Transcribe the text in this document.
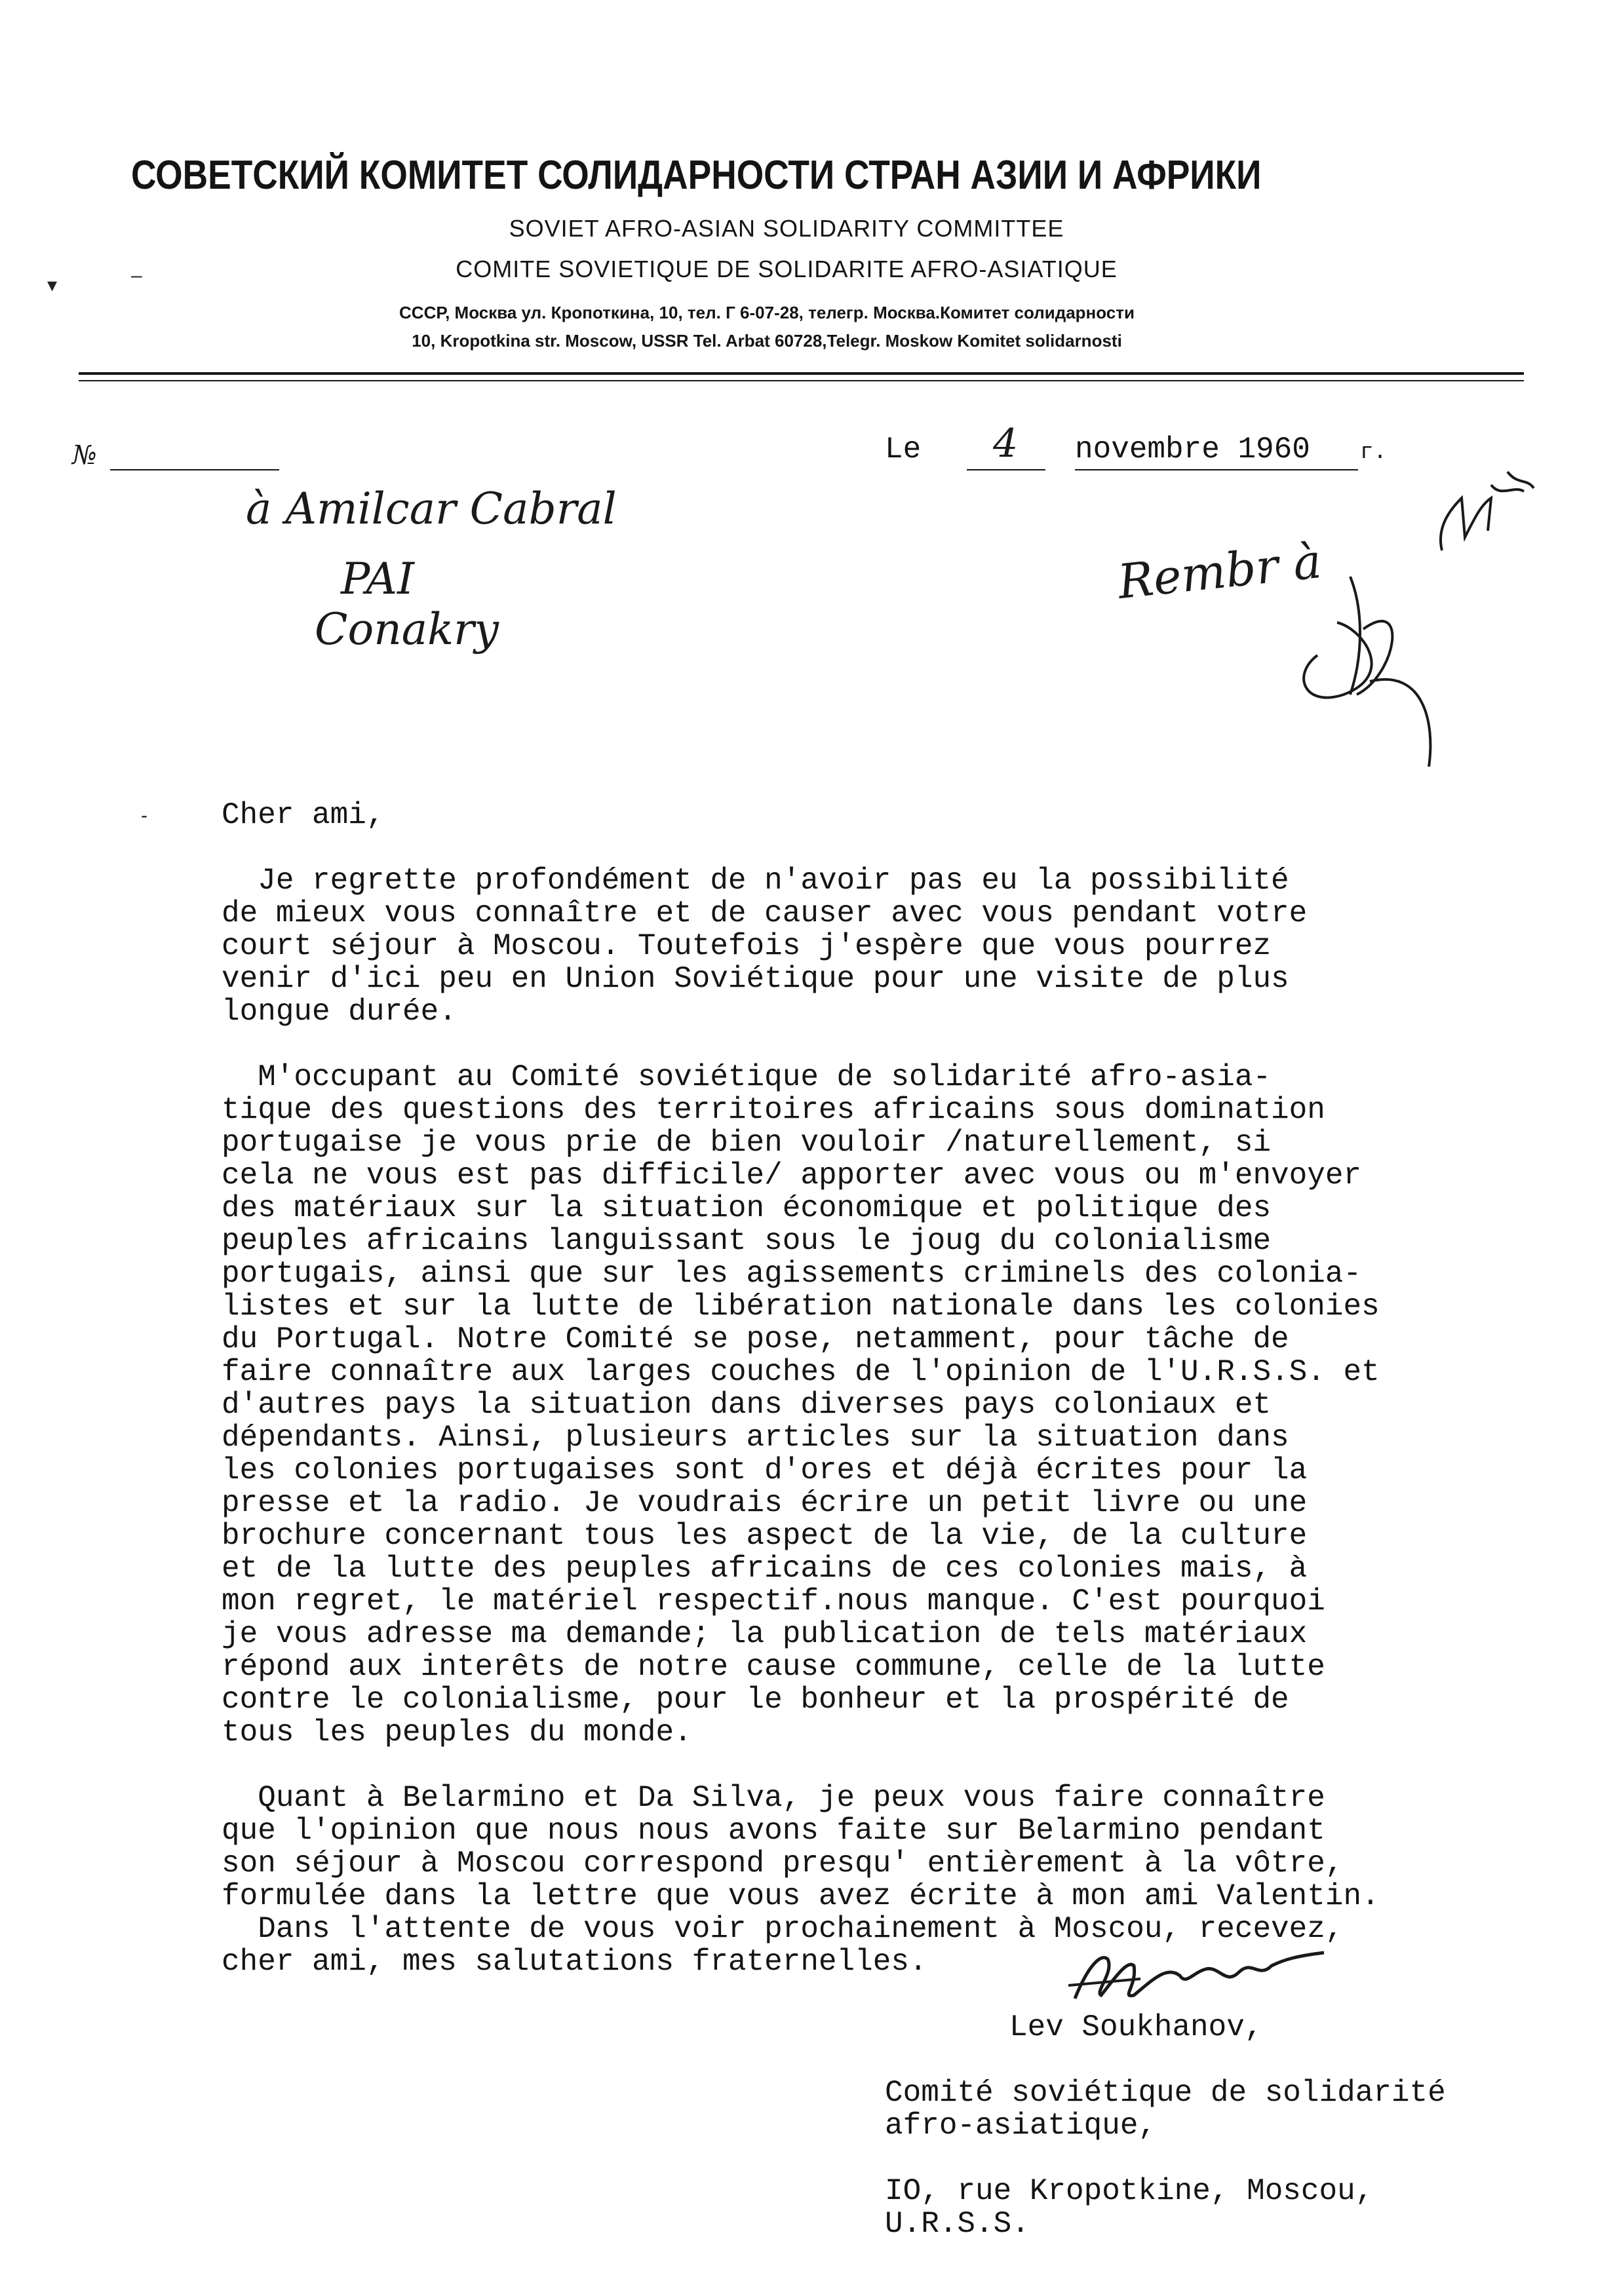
СОВЕТСКИЙ КОМИТЕТ СОЛИДАРНОСТИ СТРАН АЗИИ И АФРИКИ
SOVIET AFRO-ASIAN SOLIDARITY COMMITTEE
COMITE SOVIETIQUE DE SOLIDARITE AFRO-ASIATIQUE
СССР, Москва ул. Кропоткина, 10, тел. Г 6-07-28, телегр. Москва.Комитет солидарности
10, Kropotkina str. Moscow, USSR Tel. Arbat 60728,Telegr. Moskow Komitet solidarnosti
▾	–
-
№	Le 4 novembre 1960 г.
à Amilcar Cabral
PAI
Conakry
Rembr à
Cher ami,
Je regrette profondément de n'avoir pas eu la possibilité
de mieux vous connaître et de causer avec vous pendant votre
court séjour à Moscou. Toutefois j'espère que vous pourrez
venir d'ici peu en Union Soviétique pour une visite de plus
longue durée.
M'occupant au Comité soviétique de solidarité afro-asia-
tique des questions des territoires africains sous domination
portugaise je vous prie de bien vouloir /naturellement, si
cela ne vous est pas difficile/ apporter avec vous ou m'envoyer
des matériaux sur la situation économique et politique des
peuples africains languissant sous le joug du colonialisme
portugais, ainsi que sur les agissements criminels des colonia-
listes et sur la lutte de libération nationale dans les colonies
du Portugal. Notre Comité se pose, netamment, pour tâche de
faire connaître aux larges couches de l'opinion de l'U.R.S.S. et
d'autres pays la situation dans diverses pays coloniaux et
dépendants. Ainsi, plusieurs articles sur la situation dans
les colonies portugaises sont d'ores et déjà écrites pour la
presse et la radio. Je voudrais écrire un petit livre ou une
brochure concernant tous les aspect de la vie, de la culture
et de la lutte des peuples africains de ces colonies mais, à
mon regret, le matériel respectif.nous manque. C'est pourquoi
je vous adresse ma demande; la publication de tels matériaux
répond aux interêts de notre cause commune, celle de la lutte
contre le colonialisme, pour le bonheur et la prospérité de
tous les peuples du monde.
Quant à Belarmino et Da Silva, je peux vous faire connaître
que l'opinion que nous nous avons faite sur Belarmino pendant
son séjour à Moscou correspond presqu' entièrement à la vôtre,
formulée dans la lettre que vous avez écrite à mon ami Valentin.
Dans l'attente de vous voir prochainement à Moscou, recevez,
cher ami, mes salutations fraternelles.
Lev Soukhanov,
Comité soviétique de solidarité
afro-asiatique,
IO, rue Kropotkine, Moscou,
U.R.S.S.
